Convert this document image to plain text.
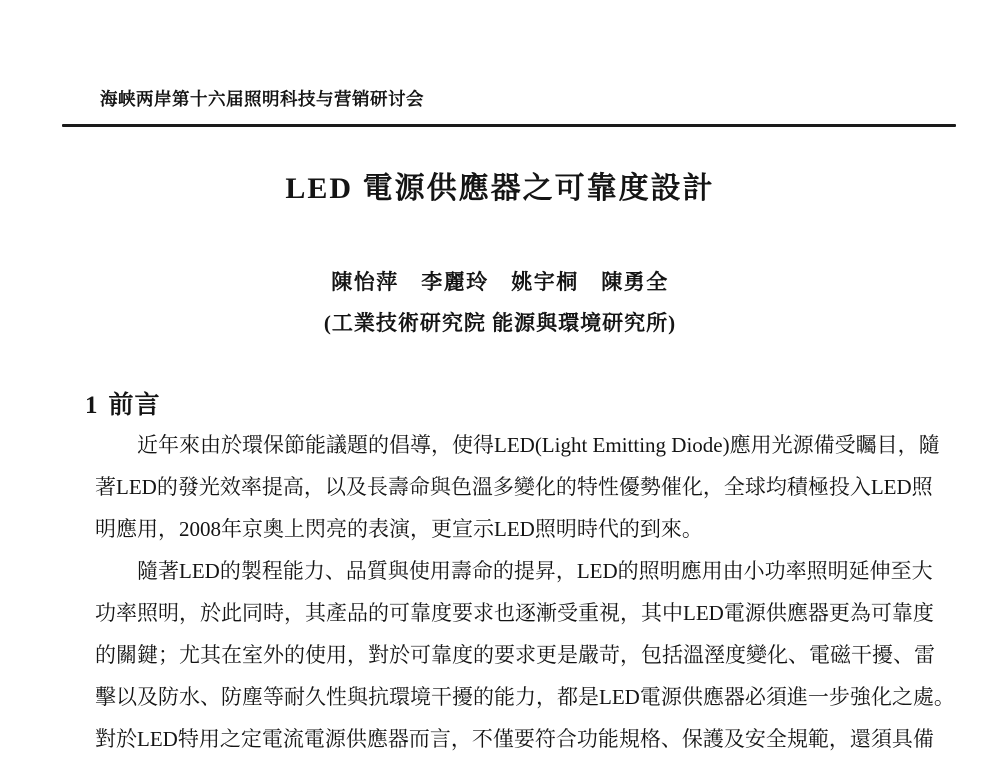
海峡两岸第十六届照明科技与营销研讨会
LED 電源供應器之可靠度設計
陳怡萍　李麗玲　姚宇桐　陳勇全
(工業技術研究院 能源與環境研究所)
1 前言
近年來由於環保節能議題的倡導，使得LED(Light Emitting Diode)應用光源備受矚目，隨
著LED的發光效率提高，以及長壽命與色溫多變化的特性優勢催化，全球均積極投入LED照
明應用，2008年京奧上閃亮的表演，更宣示LED照明時代的到來。
隨著LED的製程能力、品質與使用壽命的提昇，LED的照明應用由小功率照明延伸至大
功率照明，於此同時，其產品的可靠度要求也逐漸受重視，其中LED電源供應器更為可靠度
的關鍵；尤其在室外的使用，對於可靠度的要求更是嚴苛，包括溫溼度變化、電磁干擾、雷
擊以及防水、防塵等耐久性與抗環境干擾的能力，都是LED電源供應器必須進一步強化之處。
對於LED特用之定電流電源供應器而言，不僅要符合功能規格、保護及安全規範，還須具備
